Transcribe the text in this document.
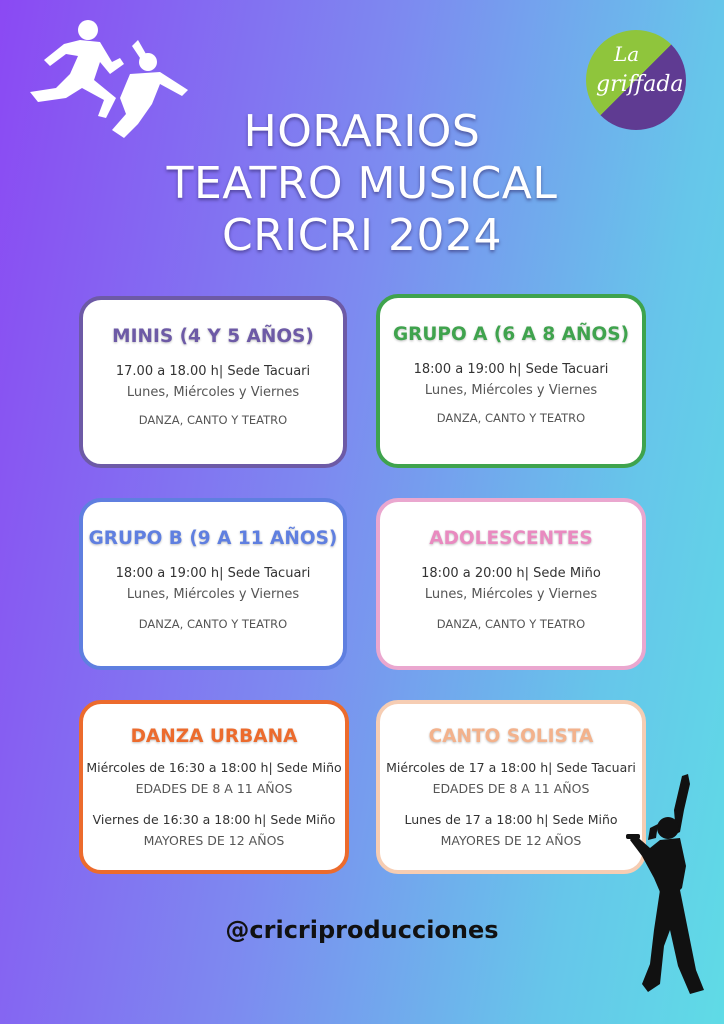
La
griffada
HORARIOS
TEATRO MUSICAL
CRICRI 2024
MINIS (4 Y 5 AÑOS)
17.00 a 18.00 h| Sede Tacuari
Lunes, Miércoles y Viernes
DANZA, CANTO Y TEATRO
GRUPO A (6 A 8 AÑOS)
18:00 a 19:00 h| Sede Tacuari
Lunes, Miércoles y Viernes
DANZA, CANTO Y TEATRO
GRUPO B (9 A 11 AÑOS)
18:00 a 19:00 h| Sede Tacuari
Lunes, Miércoles y Viernes
DANZA, CANTO Y TEATRO
ADOLESCENTES
18:00 a 20:00 h| Sede Miño
Lunes, Miércoles y Viernes
DANZA, CANTO Y TEATRO
DANZA URBANA
Miércoles de 16:30 a 18:00 h| Sede Miño
EDADES DE 8 A 11 AÑOS
Viernes de 16:30 a 18:00 h| Sede Miño
MAYORES DE 12 AÑOS
CANTO SOLISTA
Miércoles de 17 a 18:00 h| Sede Tacuari
EDADES DE 8 A 11 AÑOS
Lunes de 17 a 18:00 h| Sede Miño
MAYORES DE 12 AÑOS
@cricriproducciones
